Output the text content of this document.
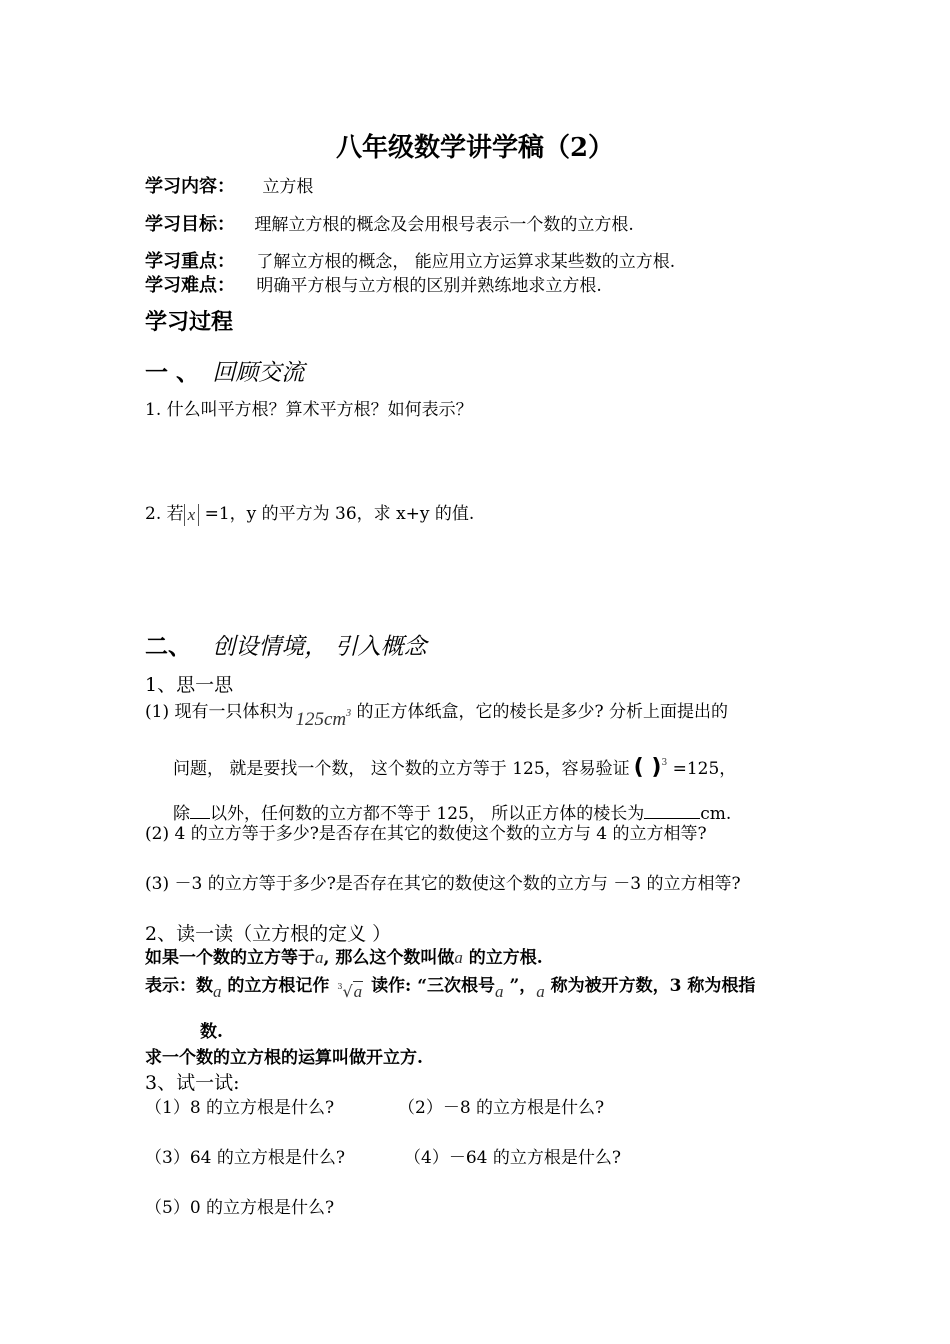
八年级数学讲学稿（2）
学习内容： 立方根
学习目标： 理解立方根的概念及会用根号表示一个数的立方根.
学习重点： 了解立方根的概念， 能应用立方运算求某些数的立方根.
学习难点： 明确平方根与立方根的区别并熟练地求立方根.
学习过程
一 、 回顾交流
1. 什么叫平方根？算术平方根？如何表示？
2. 若 x =1，y 的平方为 36，求 x+y 的值.
二、 创设情境， 引入概念
1、思一思
(1) 现有一只体积为 $125cm^3$ 的正方体纸盒，它的棱长是多少? 分析上面提出的
问题， 就是要找一个数， 这个数的立方等于 125，容易验证 ( )$^3$ =125，
除 以外，任何数的立方都不等于 125， 所以正方体的棱长为	cm.
(2) 4 的立方等于多少?是否存在其它的数使这个数的立方与 4 的立方相等?
(3) －3 的立方等于多少?是否存在其它的数使这个数的立方与 －3 的立方相等?
2、读一读（立方根的定义 ）
如果一个数的立方等于a, 那么这个数叫做a 的立方根.
表示：数a 的立方根记作 $^3$√a 读作: “三次根号a ”，a 称为被开方数，3 称为根指
数.
求一个数的立方根的运算叫做开立方.
3、试一试:
（1）8 的立方根是什么?	（2）－8 的立方根是什么?
（3）64 的立方根是什么?	（4）－64 的立方根是什么?
（5）0 的立方根是什么?
